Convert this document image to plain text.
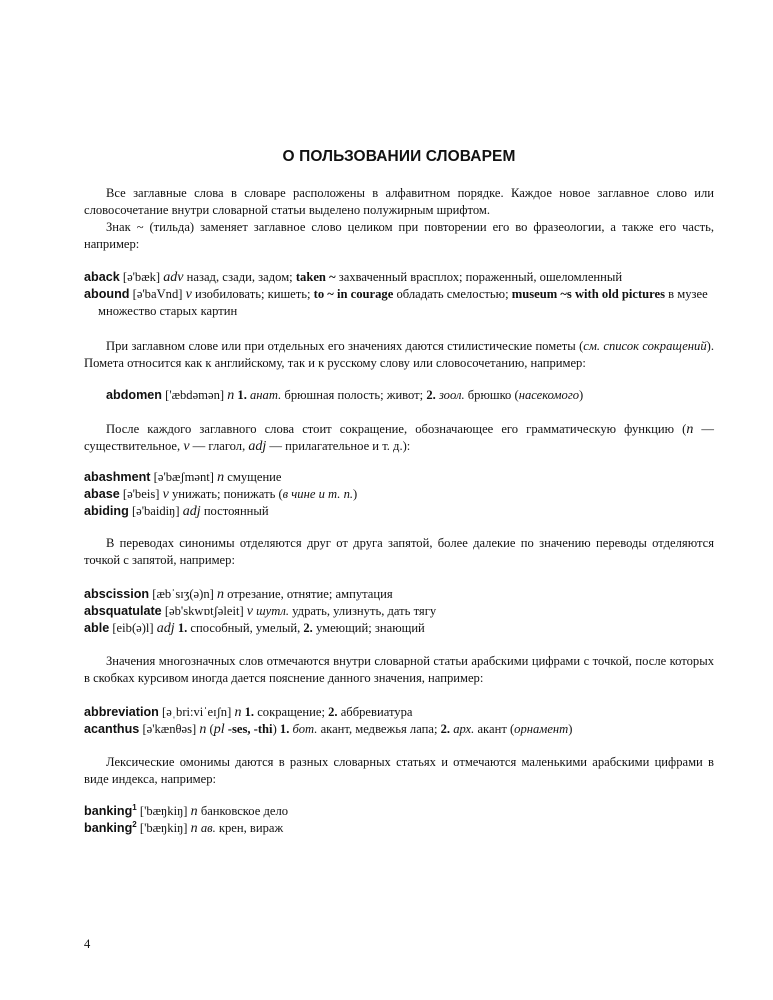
О ПОЛЬЗОВАНИИ СЛОВАРЕМ

Все заглавные слова в словаре расположены в алфавитном порядке. Каждое новое заглавное слово или словосочетание внутри словарной статьи выделено полужирным шрифтом.

Знак ~ (тильда) заменяет заглавное слово целиком при повторении его во фразеологии, а также его часть, например:

aback [ə'bæk] adv назад, сзади, задом; taken ~ захваченный врасплох; пораженный, ошеломленный

abound [ə'baVnd] v изобиловать; кишеть; to ~ in courage обладать смелостью; museum ~s with old pictures в музее множество старых картин

При заглавном слове или при отдельных его значениях даются стилистические пометы (см. список сокращений). Помета относится как к английскому, так и к русскому слову или словосочетанию, например:

abdomen ['æbdəmən] n 1. анат. брюшная полость; живот; 2. зоол. брюшко (насекомого)

После каждого заглавного слова стоит сокращение, обозначающее его грамматическую функцию (n — существительное, v — глагол, adj — прилагательное и т. д.):

abashment [ə'bæʃmənt] n смущение

abase [ə'beis] v унижать; понижать (в чине и т. п.)

abiding [ə'baidiŋ] adj постоянный

В переводах синонимы отделяются друг от друга запятой, более далекие по значению переводы отделяются точкой с запятой, например:

abscission [æbˈsɪʒ(ə)n] n отрезание, отнятие; ампутация

absquatulate [əb'skwɒtʃəleit] v шутл. удрать, улизнуть, дать тягу

able [eib(ə)l] adj 1. способный, умелый, 2. умеющий; знающий

Значения многозначных слов отмечаются внутри словарной статьи арабскими цифрами с точкой, после которых в скобках курсивом иногда дается пояснение данного значения, например:

abbreviation [əˌbri:viˈeɪʃn] n 1. сокращение; 2. аббревиатура

acanthus [ə'kænθəs] n (pl -ses, -thi) 1. бот. акант, медвежья лапа; 2. арх. акант (орнамент)

Лексические омонимы даются в разных словарных статьях и отмечаются маленькими арабскими цифрами в виде индекса, например:

banking$^1$ ['bæŋkiŋ] n банковское дело

banking$^2$ ['bæŋkiŋ] n ав. крен, вираж

4
